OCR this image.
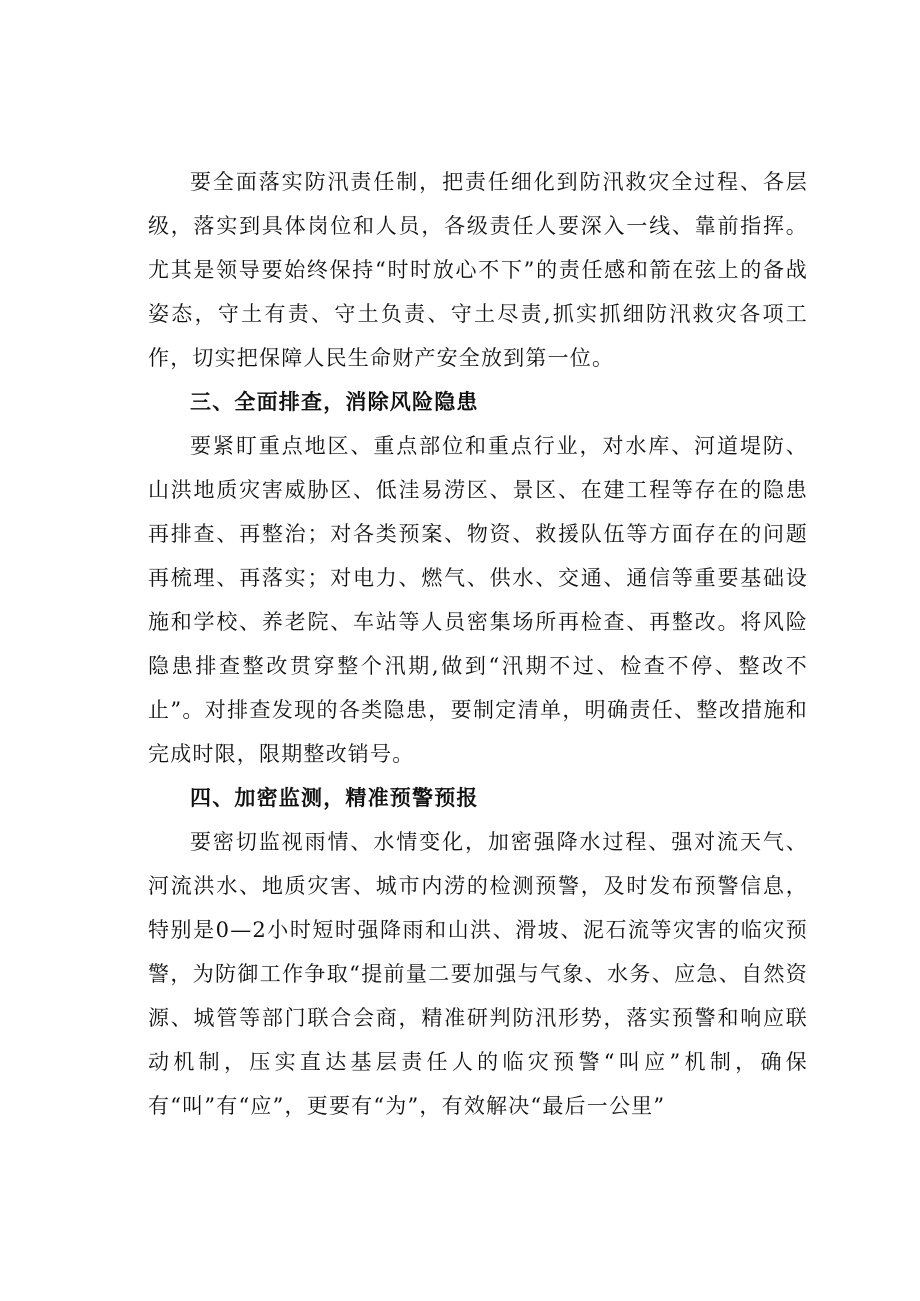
要全面落实防汛责任制，把责任细化到防汛救灾全过程、各层级，落实到具体岗位和人员，各级责任人要深入一线、靠前指挥。尤其是领导要始终保持“时时放心不下”的责任感和箭在弦上的备战姿态，守土有责、守土负责、守土尽责,抓实抓细防汛救灾各项工作，切实把保障人民生命财产安全放到第一位。

三、全面排查，消除风险隐患

要紧盯重点地区、重点部位和重点行业，对水库、河道堤防、山洪地质灾害威胁区、低洼易涝区、景区、在建工程等存在的隐患再排查、再整治；对各类预案、物资、救援队伍等方面存在的问题再梳理、再落实；对电力、燃气、供水、交通、通信等重要基础设施和学校、养老院、车站等人员密集场所再检查、再整改。将风险隐患排查整改贯穿整个汛期,做到“汛期不过、检查不停、整改不止”。对排查发现的各类隐患，要制定清单，明确责任、整改措施和完成时限，限期整改销号。

四、加密监测，精准预警预报

要密切监视雨情、水情变化，加密强降水过程、强对流天气、河流洪水、地质灾害、城市内涝的检测预警，及时发布预警信息，特别是0—2小时短时强降雨和山洪、滑坡、泥石流等灾害的临灾预警，为防御工作争取“提前量二要加强与气象、水务、应急、自然资源、城管等部门联合会商，精准研判防汛形势，落实预警和响应联动机制，压实直达基层责任人的临灾预警“叫应”机制，确保有“叫”有“应”，更要有“为”，有效解决“最后一公里”
